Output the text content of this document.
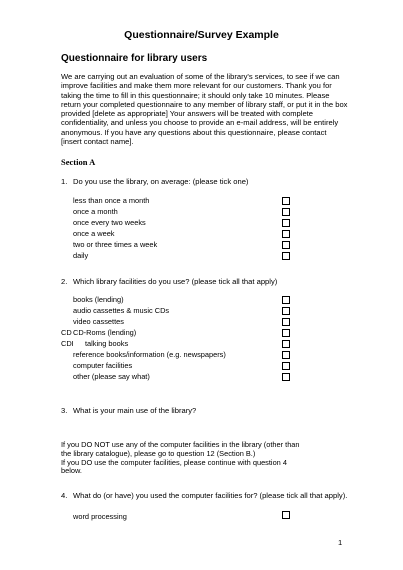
Questionnaire/Survey Example
Questionnaire for library users
We are carrying out an evaluation of some of the library's services, to see if we can
improve facilities and make them more relevant for our customers. Thank you for
taking the time to fill in this questionnaire; it should only take 10 minutes. Please
return your completed questionnaire to any member of library staff, or put it in the box
provided [delete as appropriate] Your answers will be treated with complete
confidentiality, and unless you choose to provide an e-mail address, will be entirely
anonymous. If you have any questions about this questionnaire, please contact
[insert contact name].
Section A
1. Do you use the library, on average: (please tick one)
less than once a month
once a month
once every two weeks
once a week
two or three times a week
daily
2. Which library facilities do you use? (please tick all that apply)
books (lending)
audio cassettes & music CDs
video cassettes
CD CD-Roms (lending)
CDI talking books
reference books/information (e.g. newspapers)
computer facilities
other (please say what)
3. What is your main use of the library?
If you DO NOT use any of the computer facilities in the library (other than
the library catalogue), please go to question 12 (Section B.)
If you DO use the computer facilities, please continue with question 4
below.
4. What do (or have) you used the computer facilities for? (please tick all that apply).
word processing
1
